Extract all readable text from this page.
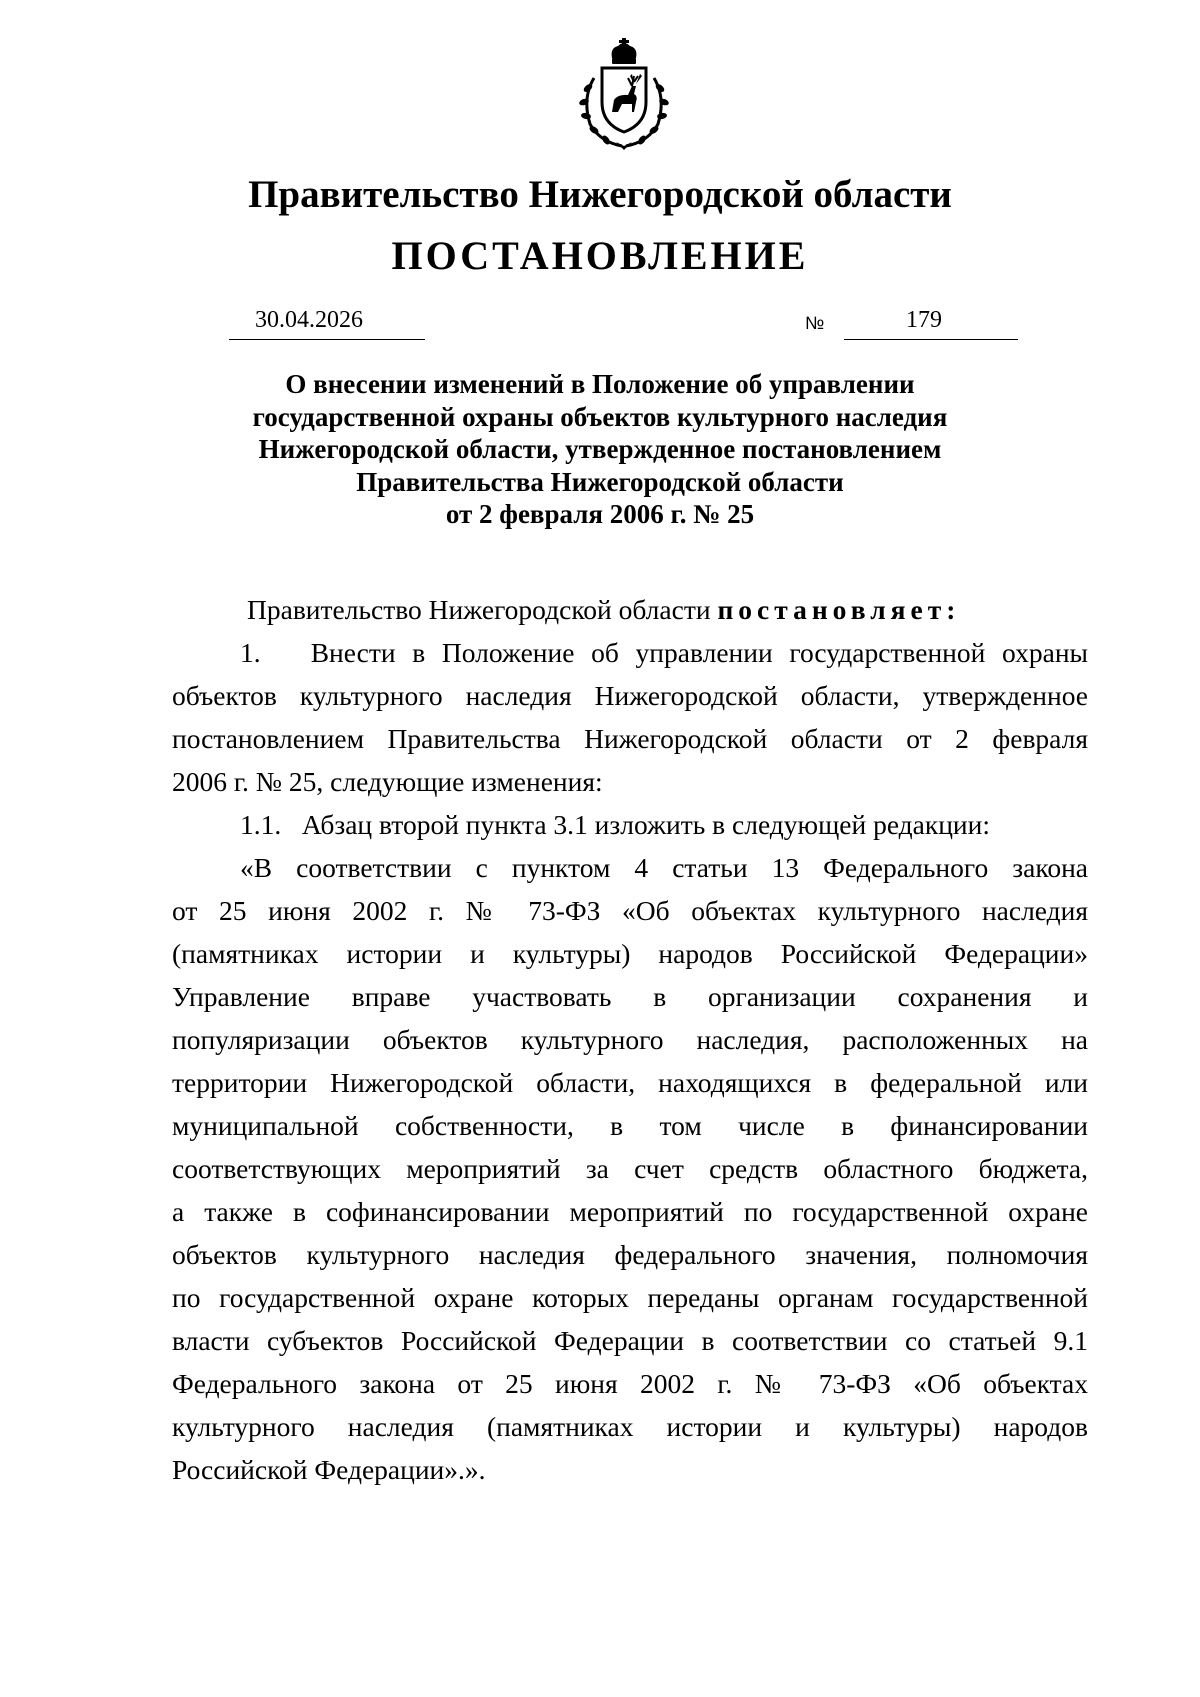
Правительство Нижегородской области
ПОСТАНОВЛЕНИЕ
30.04.2026	№	179
О внесении изменений в Положение об управлении
государственной охраны объектов культурного наследия
Нижегородской области, утвержденное постановлением
Правительства Нижегородской области
от 2 февраля 2006 г. № 25
Правительство Нижегородской области постановляет:
1. Внести в Положение об управлении государственной охраны
объектов культурного наследия Нижегородской области, утвержденное
постановлением Правительства Нижегородской области от 2 февраля
2006 г. № 25, следующие изменения:
1.1. Абзац второй пункта 3.1 изложить в следующей редакции:
«В соответствии с пунктом 4 статьи 13 Федерального закона
от 25 июня 2002 г. № 73-ФЗ «Об объектах культурного наследия
(памятниках истории и культуры) народов Российской Федерации»
Управление вправе участвовать в организации сохранения и
популяризации объектов культурного наследия, расположенных на
территории Нижегородской области, находящихся в федеральной или
муниципальной собственности, в том числе в финансировании
соответствующих мероприятий за счет средств областного бюджета,
а также в софинансировании мероприятий по государственной охране
объектов культурного наследия федерального значения, полномочия
по государственной охране которых переданы органам государственной
власти субъектов Российской Федерации в соответствии со статьей 9.1
Федерального закона от 25 июня 2002 г. № 73-ФЗ «Об объектах
культурного наследия (памятниках истории и культуры) народов
Российской Федерации».».
